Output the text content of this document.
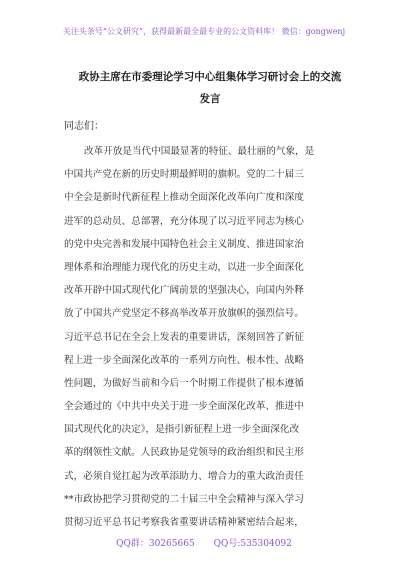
关注头条号“公文研究”，获得最新最全最专业的公文资料库！ 微信：gongwenj
政协主席在市委理论学习中心组集体学习研讨会上的交流
发言
同志们：
改革开放是当代中国最显著的特征、最壮丽的气象，是
中国共产党在新的历史时期最鲜明的旗帜。党的二十届三
中全会是新时代新征程上推动全面深化改革向广度和深度
进军的总动员、总部署，充分体现了以习近平同志为核心
的党中央完善和发展中国特色社会主义制度、推进国家治
理体系和治理能力现代化的历史主动，以进一步全面深化
改革开辟中国式现代化广阔前景的坚强决心，向国内外释
放了中国共产党坚定不移高举改革开放旗帜的强烈信号。
习近平总书记在全会上发表的重要讲话，深刻回答了新征
程上进一步全面深化改革的一系列方向性、根本性、战略
性问题，为做好当前和今后一个时期工作提供了根本遵循
全会通过的《中共中央关于进一步全面深化改革、推进中
国式现代化的决定》，是指引新征程上进一步全面深化改
革的纲领性文献。人民政协是党领导的政治组织和民主形
式，必须自觉扛起为改革添助力、增合力的重大政治责任
**市政协把学习贯彻党的二十届三中全会精神与深入学习
贯彻习近平总书记考察我省重要讲话精神紧密结合起来，
QQ群：30265665 QQ号:535304092
